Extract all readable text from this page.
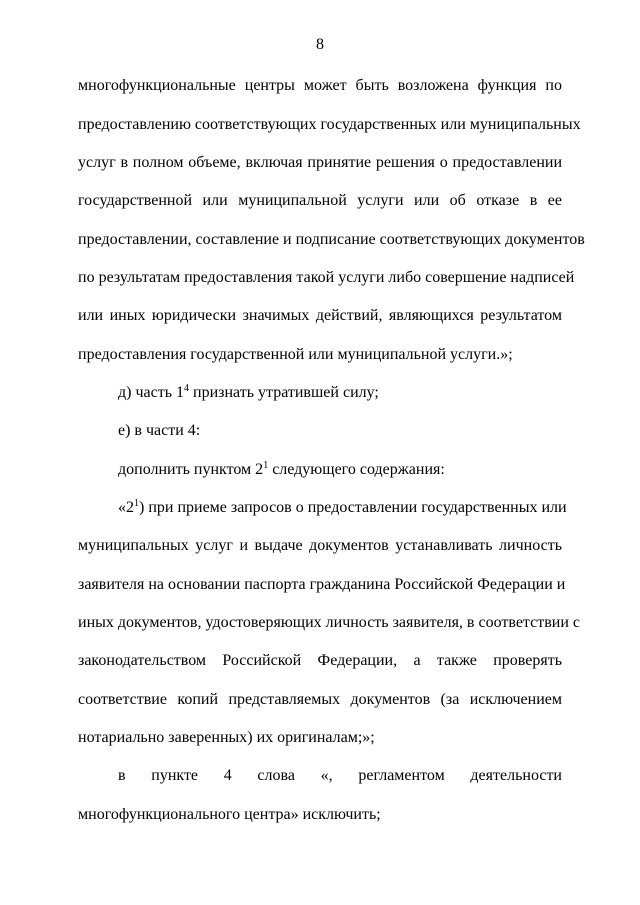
8
многофункциональные центры может быть возложена функция по
предоставлению соответствующих государственных или муниципальных
услуг в полном объеме, включая принятие решения о предоставлении
государственной или муниципальной услуги или об отказе в ее
предоставлении, составление и подписание соответствующих документов
по результатам предоставления такой услуги либо совершение надписей
или иных юридически значимых действий, являющихся результатом
предоставления государственной или муниципальной услуги.»;
д) часть $1^4$ признать утратившей силу;
е) в части 4:
дополнить пунктом $2^1$ следующего содержания:
«$2^1$) при приеме запросов о предоставлении государственных или
муниципальных услуг и выдаче документов устанавливать личность
заявителя на основании паспорта гражданина Российской Федерации и
иных документов, удостоверяющих личность заявителя, в соответствии с
законодательством Российской Федерации, а также проверять
соответствие копий представляемых документов (за исключением
нотариально заверенных) их оригиналам;»;
в пункте 4 слова «, регламентом деятельности
многофункционального центра» исключить;
